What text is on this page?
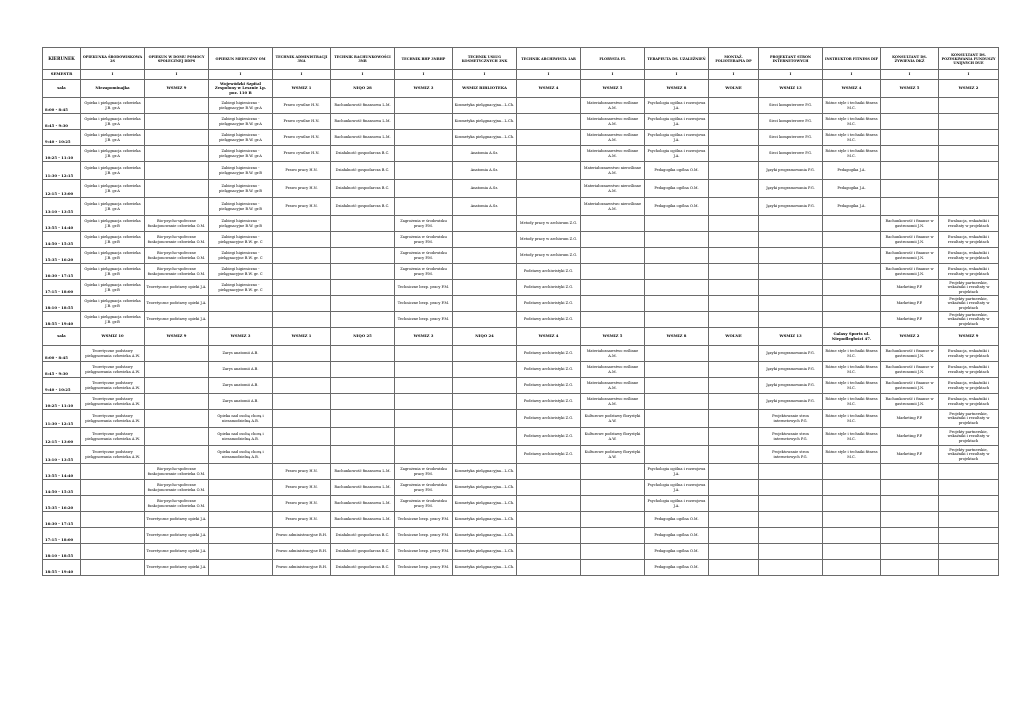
KIERUNEK	OPIEKUNKA ŚRODOWISKOWA 2S	OPIEKUN W DOMU POMOCY SPOŁECZNEJ DDPS	OPIEKUN MEDYCZNY OM	TECHNIK ADMINISTRACJI 3NA	TECHNIK RACHUNKOWOŚCI 3NR	TECHNIK BHP 3NBHP	TECHNIK USŁUG KOSMETYCZNYCH 3NK	TECHNIK ARCHIWISTA 1AR	FLORYSTA FL	TERAPEUTA DS. UZALEŻNIEŃ	MONTAŻ. FOLIOTERAPIA DP	PROJEKTANT STRON INTERNETOWYCH	INSTRUKTOR FITNESS DIF	KONSULTANT DS. ŻYWIENIA DKŻ	KONSULTANT DS. POZYSKIWANIA FUNDUSZY UNIJNYCH DUE
SEMESTR	I	I	I	I	I	I	I	I	I	I	I	I	I	I	I
sala	Niezapominajka	WSMIZ 9	Wojewódzki Szpital Zespolony w Lesznie Lp. poz. 110 B	WSMIZ 1	NIQO 28	WSMIZ 3	WSMIZ BIBLIOTEKA	WSMIZ 4	WSMIZ 5	WSMIZ 8	WOLNE	WSMIZ 13	WSMIZ 4	WSMIZ 5	WSMIZ 2
8:00 - 8:45	Opieka i pielęgnacja człowieka J.B. gr.A		Zabiegi higieniczno - pielęgnacyjne B.W. gr.A	Prawo cywilne H.N.	Rachunkowość finansowa L.M.		Kosmetyka pielęgnacyjna...L.Ch.		Materiałoznawstwo roślinne A.M.	Psychologia ogólna i rozwojowa J.A.		Sieci komputerowe P.G.	Różne style i techniki fitness M.C.		
8:45 - 9:30	Opieka i pielęgnacja człowieka J.B. gr.A		Zabiegi higieniczno - pielęgnacyjne B.W. gr.A	Prawo cywilne H.N.	Rachunkowość finansowa L.M.		Kosmetyka pielęgnacyjna...L.Ch.		Materiałoznawstwo roślinne A.M.	Psychologia ogólna i rozwojowa J.A.		Sieci komputerowe P.G.	Różne style i techniki fitness M.C.		
9:40 - 10:25	Opieka i pielęgnacja człowieka J.B. gr.A		Zabiegi higieniczno - pielęgnacyjne B.W. gr.A	Prawo cywilne H.N.	Rachunkowość finansowa L.M.		Kosmetyka pielęgnacyjna...L.Ch.		Materiałoznawstwo roślinne A.M.	Psychologia ogólna i rozwojowa J.A.		Sieci komputerowe P.G.	Różne style i techniki fitness M.C.		
10:25 - 11:10	Opieka i pielęgnacja człowieka J.B. gr.A		Zabiegi higieniczno - pielęgnacyjne B.W. gr.A	Prawo cywilne H.N.	Działalność gospodarcza B.C.		Anatomia A.Sz.		Materiałoznawstwo roślinne A.M.	Psychologia ogólna i rozwojowa J.A.		Sieci komputerowe P.G.	Różne style i techniki fitness M.C.		
11:30 - 12:15	Opieka i pielęgnacja człowieka J.B. gr.A		Zabiegi higieniczno - pielęgnacyjne B.W. gr.B	Prawo pracy H.N.	Działalność gospodarcza B.C.		Anatomia A.Sz.		Materiałoznawstwo nieroślinne A.M.	Pedagogika ogólna O.M.		Języki programowania P.G.	Pedagogika J.A.		
12:15 - 13:00	Opieka i pielęgnacja człowieka J.B. gr.A		Zabiegi higieniczno - pielęgnacyjne B.W. gr.B	Prawo pracy H.N.	Działalność gospodarcza B.C.		Anatomia A.Sz.		Materiałoznawstwo nieroślinne A.M.	Pedagogika ogólna O.M.		Języki programowania P.G.	Pedagogika J.A.		
13:10 - 13:55	Opieka i pielęgnacja człowieka J.B. gr.A		Zabiegi higieniczno - pielęgnacyjne B.W. gr.B	Prawo pracy H.N.	Działalność gospodarcza B.C.		Anatomia A.Sz.		Materiałoznawstwo nieroślinne A.M.	Pedagogika ogólna O.M.		Języki programowania P.G.	Pedagogika J.A.		
13:55 - 14:40	Opieka i pielęgnacja człowieka J.B. gr.B	Bio-psycho-społeczne funkcjonowanie człowieka O.M.	Zabiegi higieniczno - pielęgnacyjne B.W. gr.B			Zagrożenia w środowisku pracy P.M.		Metody pracy w archiwum Z.G.						Rachunkowość i finanse w gastronomii J.N.	Ewaluacja, wskaźniki i rezultaty w projektach
14:50 - 15:35	Opieka i pielęgnacja człowieka J.B. gr.B	Bio-psycho-społeczne funkcjonowanie człowieka O.M.	Zabiegi higieniczno - pielęgnacyjne B.W. gr. C			Zagrożenia w środowisku pracy P.M.		Metody pracy w archiwum Z.G.						Rachunkowość i finanse w gastronomii J.N.	Ewaluacja, wskaźniki i rezultaty w projektach
15:35 - 16:20	Opieka i pielęgnacja człowieka J.B. gr.B	Bio-psycho-społeczne funkcjonowanie człowieka O.M.	Zabiegi higieniczno - pielęgnacyjne B.W. gr. C			Zagrożenia w środowisku pracy P.M.		Metody pracy w archiwum Z.G.						Rachunkowość i finanse w gastronomii J.N.	Ewaluacja, wskaźniki i rezultaty w projektach
16:30 - 17:15	Opieka i pielęgnacja człowieka J.B. gr.B	Bio-psycho-społeczne funkcjonowanie człowieka O.M.	Zabiegi higieniczno - pielęgnacyjne B.W. gr. C			Zagrożenia w środowisku pracy P.M.		Podstawy archiwistyki Z.G.						Rachunkowość i finanse w gastronomii J.N.	Ewaluacja, wskaźniki i rezultaty w projektach
17:15 - 18:00	Opieka i pielęgnacja człowieka J.B. gr.B	Teoretyczne podstawy opieki J.A.	Zabiegi higieniczno - pielęgnacyjne B.W. gr. C			Techniczne bezp. pracy P.M.		Podstawy archiwistyki Z.G.						Marketing P.P.	Projekty partnerskie, wskaźniki i rezultaty w projektach
18:10 - 18:55	Opieka i pielęgnacja człowieka J.B. gr.B	Teoretyczne podstawy opieki J.A.				Techniczne bezp. pracy P.M.		Podstawy archiwistyki Z.G.						Marketing P.P.	Projekty partnerskie, wskaźniki i rezultaty w projektach
18:55 - 19:40	Opieka i pielęgnacja człowieka J.B. gr.B	Teoretyczne podstawy opieki J.A.				Techniczne bezp. pracy P.M.		Podstawy archiwistyki Z.G.						Marketing P.P.	Projekty partnerskie, wskaźniki i rezultaty w projektach
sala	WSMIZ 10	WSMIZ 9	WSMIZ 3	WSMIZ 1	NIQO 25	WSMIZ 3	NIQO 24	WSMIZ 4	WSMIZ 5	WSMIZ 8	WOLNE	WSMIZ 13	Galaxy Sports ul. Niepodległości 47.	WSMIZ 2	WSMIZ 9
8:00 - 8:45	Teoretyczne podstawy pielęgnowania człowieka A.W.		Zarys anatomii A.B.					Podstawy archiwistyki Z.G.	Materiałoznawstwo roślinne A.M.			Języki programowania P.G.	Różne style i techniki fitness M.C.	Rachunkowość i finanse w gastronomii J.N.	Ewaluacja, wskaźniki i rezultaty w projektach
8:45 - 9:30	Teoretyczne podstawy pielęgnowania człowieka A.W.		Zarys anatomii A.B.					Podstawy archiwistyki Z.G.	Materiałoznawstwo roślinne A.M.			Języki programowania P.G.	Różne style i techniki fitness M.C.	Rachunkowość i finanse w gastronomii J.N.	Ewaluacja, wskaźniki i rezultaty w projektach
9:40 - 10:25	Teoretyczne podstawy pielęgnowania człowieka A.W.		Zarys anatomii A.B.					Podstawy archiwistyki Z.G.	Materiałoznawstwo roślinne A.M.			Języki programowania P.G.	Różne style i techniki fitness M.C.	Rachunkowość i finanse w gastronomii J.N.	Ewaluacja, wskaźniki i rezultaty w projektach
10:25 - 11:10	Teoretyczne podstawy pielęgnowania człowieka A.W.		Zarys anatomii A.B.					Podstawy archiwistyki Z.G.	Materiałoznawstwo roślinne A.M.			Języki programowania P.G.	Różne style i techniki fitness M.C.	Rachunkowość i finanse w gastronomii J.N.	Ewaluacja, wskaźniki i rezultaty w projektach
11:30 - 12:15	Teoretyczne podstawy pielęgnowania człowieka A.W.		Opieka nad osobą chorą i niesamodzielną A.B.					Podstawy archiwistyki Z.G.	Kulturowe podstawy florystyki A.W.			Projektowanie stron internetowych P.G.	Różne style i techniki fitness M.C.	Marketing P.P.	Projekty partnerskie, wskaźniki i rezultaty w projektach
12:15 - 13:00	Teoretyczne podstawy pielęgnowania człowieka A.W.		Opieka nad osobą chorą i niesamodzielną A.B.					Podstawy archiwistyki Z.G.	Kulturowe podstawy florystyki A.W.			Projektowanie stron internetowych P.G.	Różne style i techniki fitness M.C.	Marketing P.P.	Projekty partnerskie, wskaźniki i rezultaty w projektach
13:10 - 13:55	Teoretyczne podstawy pielęgnowania człowieka A.W.		Opieka nad osobą chorą i niesamodzielną A.B.					Podstawy archiwistyki Z.G.	Kulturowe podstawy florystyki A.W.			Projektowanie stron internetowych P.G.	Różne style i techniki fitness M.C.	Marketing P.P.	Projekty partnerskie, wskaźniki i rezultaty w projektach
13:55 - 14:40		Bio-psycho-społeczne funkcjonowanie człowieka O.M.		Prawo pracy H.N.	Rachunkowość finansowa L.M.	Zagrożenia w środowisku pracy P.M.	Kosmetyka pielęgnacyjna...L.Ch.			Psychologia ogólna i rozwojowa J.A.					
14:50 - 15:35		Bio-psycho-społeczne funkcjonowanie człowieka O.M.		Prawo pracy H.N.	Rachunkowość finansowa L.M.	Zagrożenia w środowisku pracy P.M.	Kosmetyka pielęgnacyjna...L.Ch.			Psychologia ogólna i rozwojowa J.A.					
15:35 - 16:20		Bio-psycho-społeczne funkcjonowanie człowieka O.M.		Prawo pracy H.N.	Rachunkowość finansowa L.M.	Zagrożenia w środowisku pracy P.M.	Kosmetyka pielęgnacyjna...L.Ch.			Psychologia ogólna i rozwojowa J.A.					
16:30 - 17:15		Teoretyczne podstawy opieki J.A.		Prawo pracy H.N.	Rachunkowość finansowa L.M.	Techniczne bezp. pracy P.M.	Kosmetyka pielęgnacyjna...L.Ch.			Pedagogika ogólna O.M.					
17:15 - 18:00		Teoretyczne podstawy opieki J.A.		Prawo administracyjne B.H.	Działalność gospodarcza B.C.	Techniczne bezp. pracy P.M.	Kosmetyka pielęgnacyjna...L.Ch.			Pedagogika ogólna O.M.					
18:10 - 18:55		Teoretyczne podstawy opieki J.A.		Prawo administracyjne B.H.	Działalność gospodarcza B.C.	Techniczne bezp. pracy P.M.	Kosmetyka pielęgnacyjna...L.Ch.			Pedagogika ogólna O.M.					
18:55 - 19:40		Teoretyczne podstawy opieki J.A.		Prawo administracyjne B.H.	Działalność gospodarcza B.C.	Techniczne bezp. pracy P.M.	Kosmetyka pielęgnacyjna...L.Ch.			Pedagogika ogólna O.M.					
